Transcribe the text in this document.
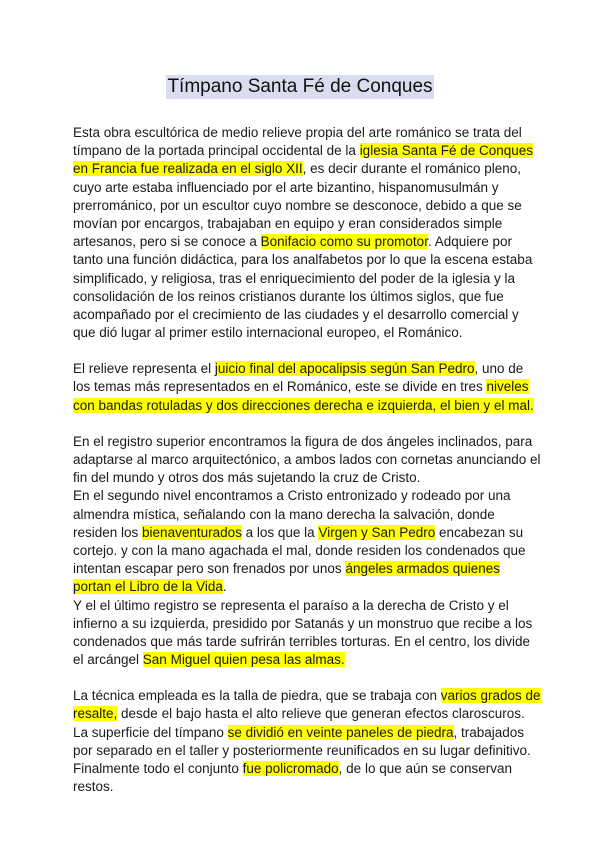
Tímpano Santa Fé de Conques
Esta obra escultórica de medio relieve propia del arte románico se trata del
tímpano de la portada principal occidental de la iglesia Santa Fé de Conques
en Francia fue realizada en el siglo XII, es decir durante el románico pleno,
cuyo arte estaba influenciado por el arte bizantino, hispanomusulmán y
prerrománico, por un escultor cuyo nombre se desconoce, debido a que se
movían por encargos, trabajaban en equipo y eran considerados simple
artesanos, pero si se conoce a Bonifacio como su promotor. Adquiere por
tanto una función didáctica, para los analfabetos por lo que la escena estaba
simplificado, y religiosa, tras el enriquecimiento del poder de la iglesia y la
consolidación de los reinos cristianos durante los últimos siglos, que fue
acompañado por el crecimiento de las ciudades y el desarrollo comercial y
que dió lugar al primer estilo internacional europeo, el Románico.
El relieve representa el juicio final del apocalipsis según San Pedro, uno de
los temas más representados en el Románico, este se divide en tres niveles
con bandas rotuladas y dos direcciones derecha e izquierda, el bien y el mal.
En el registro superior encontramos la figura de dos ángeles inclinados, para
adaptarse al marco arquitectónico, a ambos lados con cornetas anunciando el
fin del mundo y otros dos más sujetando la cruz de Cristo.
En el segundo nivel encontramos a Cristo entronizado y rodeado por una
almendra mística, señalando con la mano derecha la salvación, donde
residen los bienaventurados a los que la Virgen y San Pedro encabezan su
cortejo. y con la mano agachada el mal, donde residen los condenados que
intentan escapar pero son frenados por unos ángeles armados quienes
portan el Libro de la Vida.
Y el el último registro se representa el paraíso a la derecha de Cristo y el
infierno a su izquierda, presidido por Satanás y un monstruo que recibe a los
condenados que más tarde sufrirán terribles torturas. En el centro, los divide
el arcángel San Miguel quien pesa las almas.
La técnica empleada es la talla de piedra, que se trabaja con varios grados de
resalte, desde el bajo hasta el alto relieve que generan efectos claroscuros.
La superficie del tímpano se dividió en veinte paneles de piedra, trabajados
por separado en el taller y posteriormente reunificados en su lugar definitivo.
Finalmente todo el conjunto fue policromado, de lo que aún se conservan
restos.
